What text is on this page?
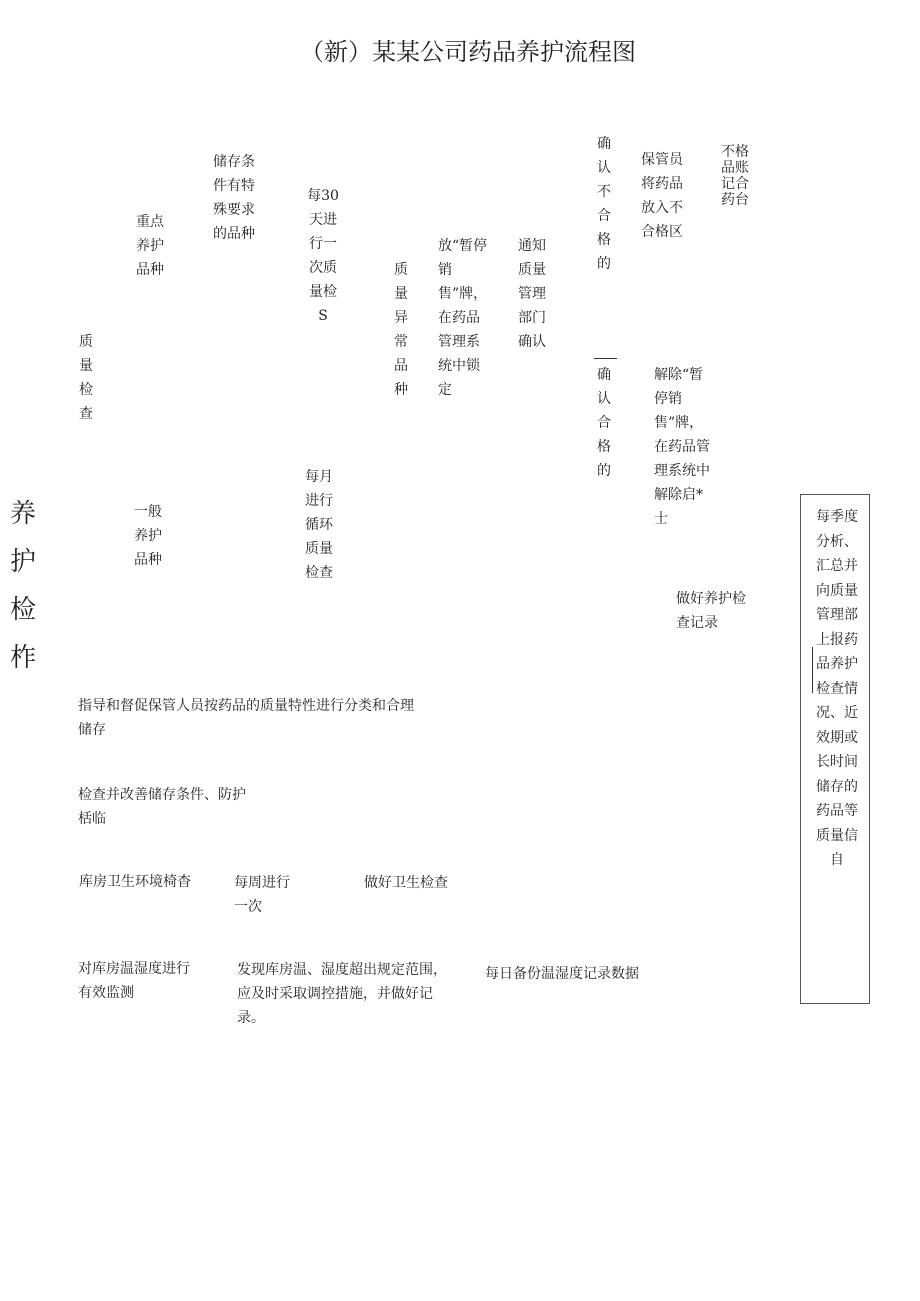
（新）某某公司药品养护流程图
养护检柞
质量检查
重点养护品种
储存条件有特殊要求的品种
每30天进行一次质量检S
质量异常品种
放“暂停销售”牌，在药品管理系统中锁定
通知质量管理部门确认
确认不合格的
保管员将药品放入不合格区
不格品账记合药台
确认合格的
解除“暂停销售”牌，在药品管理系统中解除启*士
一般养护品种
每月进行循环质量检查
做好养护检查记录
指导和督促保管人员按药品的质量特性进行分类和合理储存
检查并改善储存条件、防护栝临
库房卫生环境椅杳	每周进行一次
做好卫生检查
对库房温湿度进行有效监测
发现库房温、湿度超出规定范围，应及时采取调控措施，并做好记录。
每日备份温湿度记录数据
每季度分析、汇总并向质量管理部上报药品养护检查情况、近效期或长时间储存的药品等质量信自
